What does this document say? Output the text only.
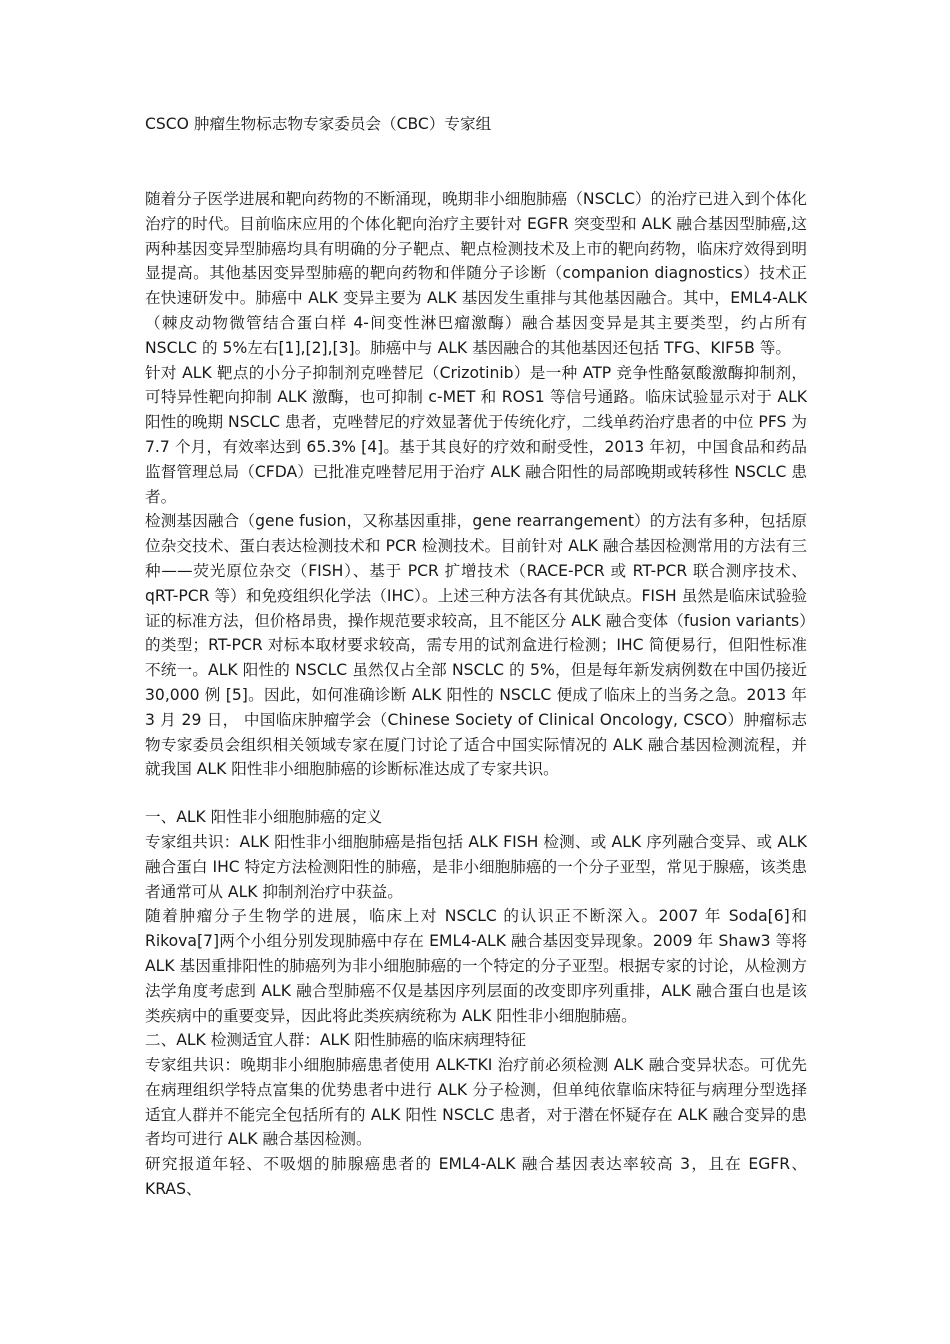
CSCO 肿瘤生物标志物专家委员会（CBC）专家组

随着分子医学进展和靶向药物的不断涌现，晚期非小细胞肺癌（NSCLC）的治疗已进入到个体化治疗的时代。目前临床应用的个体化靶向治疗主要针对 EGFR 突变型和 ALK 融合基因型肺癌,这两种基因变异型肺癌均具有明确的分子靶点、靶点检测技术及上市的靶向药物，临床疗效得到明显提高。其他基因变异型肺癌的靶向药物和伴随分子诊断（companion diagnostics）技术正在快速研发中。肺癌中 ALK 变异主要为 ALK 基因发生重排与其他基因融合。其中，EML4-ALK（棘皮动物微管结合蛋白样 4-间变性淋巴瘤激酶）融合基因变异是其主要类型，约占所有 NSCLC 的 5%左右[1],[2],[3]。肺癌中与 ALK 基因融合的其他基因还包括 TFG、KIF5B 等。

针对 ALK 靶点的小分子抑制剂克唑替尼（Crizotinib）是一种 ATP 竞争性酪氨酸激酶抑制剂，可特异性靶向抑制 ALK 激酶，也可抑制 c-MET 和 ROS1 等信号通路。临床试验显示对于 ALK 阳性的晚期 NSCLC 患者，克唑替尼的疗效显著优于传统化疗，二线单药治疗患者的中位 PFS 为 7.7 个月，有效率达到 65.3% [4]。基于其良好的疗效和耐受性，2013 年初，中国食品和药品监督管理总局（CFDA）已批准克唑替尼用于治疗 ALK 融合阳性的局部晚期或转移性 NSCLC 患者。

检测基因融合（gene fusion，又称基因重排，gene rearrangement）的方法有多种，包括原位杂交技术、蛋白表达检测技术和 PCR 检测技术。目前针对 ALK 融合基因检测常用的方法有三种——荧光原位杂交（FISH）、基于 PCR 扩增技术（RACE-PCR 或 RT-PCR 联合测序技术、qRT-PCR 等）和免疫组织化学法（IHC）。上述三种方法各有其优缺点。FISH 虽然是临床试验验证的标准方法，但价格昂贵，操作规范要求较高，且不能区分 ALK 融合变体（fusion variants）的类型；RT-PCR 对标本取材要求较高，需专用的试剂盒进行检测；IHC 简便易行，但阳性标准不统一。ALK 阳性的 NSCLC 虽然仅占全部 NSCLC 的 5%，但是每年新发病例数在中国仍接近 30,000 例 [5]。因此，如何准确诊断 ALK 阳性的 NSCLC 便成了临床上的当务之急。2013 年 3 月 29 日， 中国临床肿瘤学会（Chinese Society of Clinical Oncology, CSCO）肿瘤标志物专家委员会组织相关领域专家在厦门讨论了适合中国实际情况的 ALK 融合基因检测流程，并就我国 ALK 阳性非小细胞肺癌的诊断标准达成了专家共识。

一、ALK 阳性非小细胞肺癌的定义

专家组共识：ALK 阳性非小细胞肺癌是指包括 ALK FISH 检测、或 ALK 序列融合变异、或 ALK 融合蛋白 IHC 特定方法检测阳性的肺癌，是非小细胞肺癌的一个分子亚型，常见于腺癌，该类患者通常可从 ALK 抑制剂治疗中获益。

随着肿瘤分子生物学的进展，临床上对 NSCLC 的认识正不断深入。2007 年 Soda[6]和 Rikova[7]两个小组分别发现肺癌中存在 EML4-ALK 融合基因变异现象。2009 年 Shaw3 等将 ALK 基因重排阳性的肺癌列为非小细胞肺癌的一个特定的分子亚型。根据专家的讨论，从检测方法学角度考虑到 ALK 融合型肺癌不仅是基因序列层面的改变即序列重排，ALK 融合蛋白也是该类疾病中的重要变异，因此将此类疾病统称为 ALK 阳性非小细胞肺癌。

二、ALK 检测适宜人群：ALK 阳性肺癌的临床病理特征

专家组共识：晚期非小细胞肺癌患者使用 ALK-TKI 治疗前必须检测 ALK 融合变异状态。可优先在病理组织学特点富集的优势患者中进行 ALK 分子检测，但单纯依靠临床特征与病理分型选择适宜人群并不能完全包括所有的 ALK 阳性 NSCLC 患者，对于潜在怀疑存在 ALK 融合变异的患者均可进行 ALK 融合基因检测。

研究报道年轻、不吸烟的肺腺癌患者的 EML4-ALK 融合基因表达率较高 3，且在 EGFR、KRAS、
